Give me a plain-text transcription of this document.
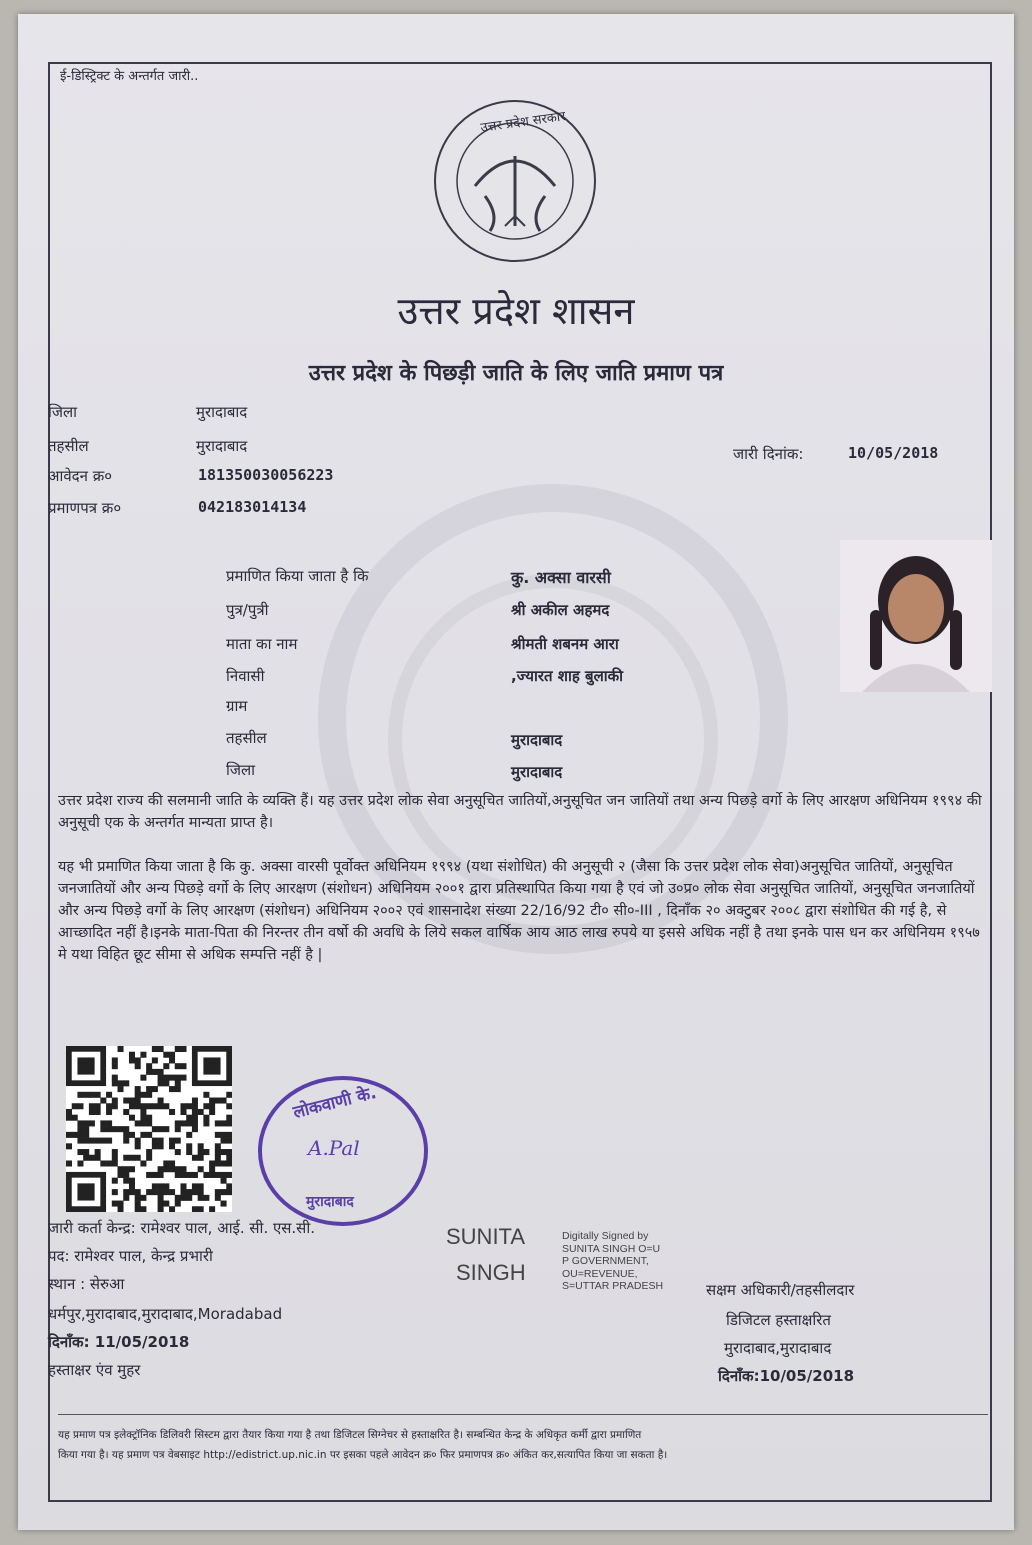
ई-डिस्ट्रिक्ट के अन्तर्गत जारी..
उत्तर प्रदेश सरकार
उत्तर प्रदेश शासन
उत्तर प्रदेश के पिछड़ी जाति के लिए जाति प्रमाण पत्र
जिला	मुरादाबाद
तहसील	मुरादाबाद
आवेदन क्र०	181350030056223
प्रमाणपत्र क्र०	042183014134
जारी दिनांक:	10/05/2018
प्रमाणित किया जाता है कि	कु. अक्सा वारसी
पुत्र/पुत्री	श्री अकील अहमद
माता का नाम	श्रीमती शबनम आरा
निवासी	,ज्यारत शाह बुलाकी
ग्राम
तहसील	मुरादाबाद
जिला	मुरादाबाद
उत्तर प्रदेश राज्य की सलमानी जाति के व्यक्ति हैं। यह उत्तर प्रदेश लोक सेवा अनुसूचित जातियों,अनुसूचित जन जातियों तथा अन्य पिछड़े वर्गो के लिए आरक्षण अधिनियम १९९४ की अनुसूची एक के अन्तर्गत मान्यता प्राप्त है।
यह भी प्रमाणित किया जाता है कि कु. अक्सा वारसी पूर्वोक्त अधिनियम १९९४ (यथा संशोधित) की अनुसूची २ (जैसा कि उत्तर प्रदेश लोक सेवा)अनुसूचित जातियों, अनुसूचित जनजातियों और अन्य पिछड़े वर्गो के लिए आरक्षण (संशोधन) अधिनियम २००१ द्वारा प्रतिस्थापित किया गया है एवं जो उ०प्र० लोक सेवा अनुसूचित जातियों, अनुसूचित जनजातियों और अन्य पिछड़े वर्गो के लिए आरक्षण (संशोधन) अधिनियम २००२ एवं शासनादेश संख्या 22/16/92 टी० सी०-III , दिनाँक २० अक्टुबर २००८ द्वारा संशोधित की गई है, से आच्छादित नहीं है।इनके माता-पिता की निरन्तर तीन वर्षो की अवधि के लिये सकल वार्षिक आय आठ लाख रुपये या इससे अधिक नहीं है तथा इनके पास धन कर अधिनियम १९५७ मे यथा विहित छूट सीमा से अधिक सम्पत्ति नहीं है |
लोकवाणी के.
A.Pal
मुरादाबाद
जारी कर्ता केन्द्र: रामेश्वर पाल, आई. सी. एस.सी.
पद: रामेश्वर पाल, केन्द्र प्रभारी
स्थान : सेरुआ
धर्मपुर,मुरादाबाद,मुरादाबाद,Moradabad
दिनाँक: 11/05/2018
हस्ताक्षर एंव मुहर
SUNITA
SINGH
Digitally Signed by
SUNITA SINGH O=U
P GOVERNMENT,
OU=REVENUE,
S=UTTAR PRADESH	सक्षम अधिकारी/तहसीलदार
डिजिटल हस्ताक्षरित
मुरादाबाद,मुरादाबाद
दिनाँक:10/05/2018
यह प्रमाण पत्र इलेक्ट्रॉनिक डिलिवरी सिस्टम द्वारा तैयार किया गया है तथा डिजिटल सिग्नेचर से हस्ताक्षरित है। सम्बन्धित केन्द्र के अधिकृत कर्मी द्वारा प्रमाणित
किया गया है। यह प्रमाण पत्र वेबसाइट http://edistrict.up.nic.in पर इसका पहले आवेदन क्र० फिर प्रमाणपत्र क्र० अंकित कर,सत्यापित किया जा सकता है।
